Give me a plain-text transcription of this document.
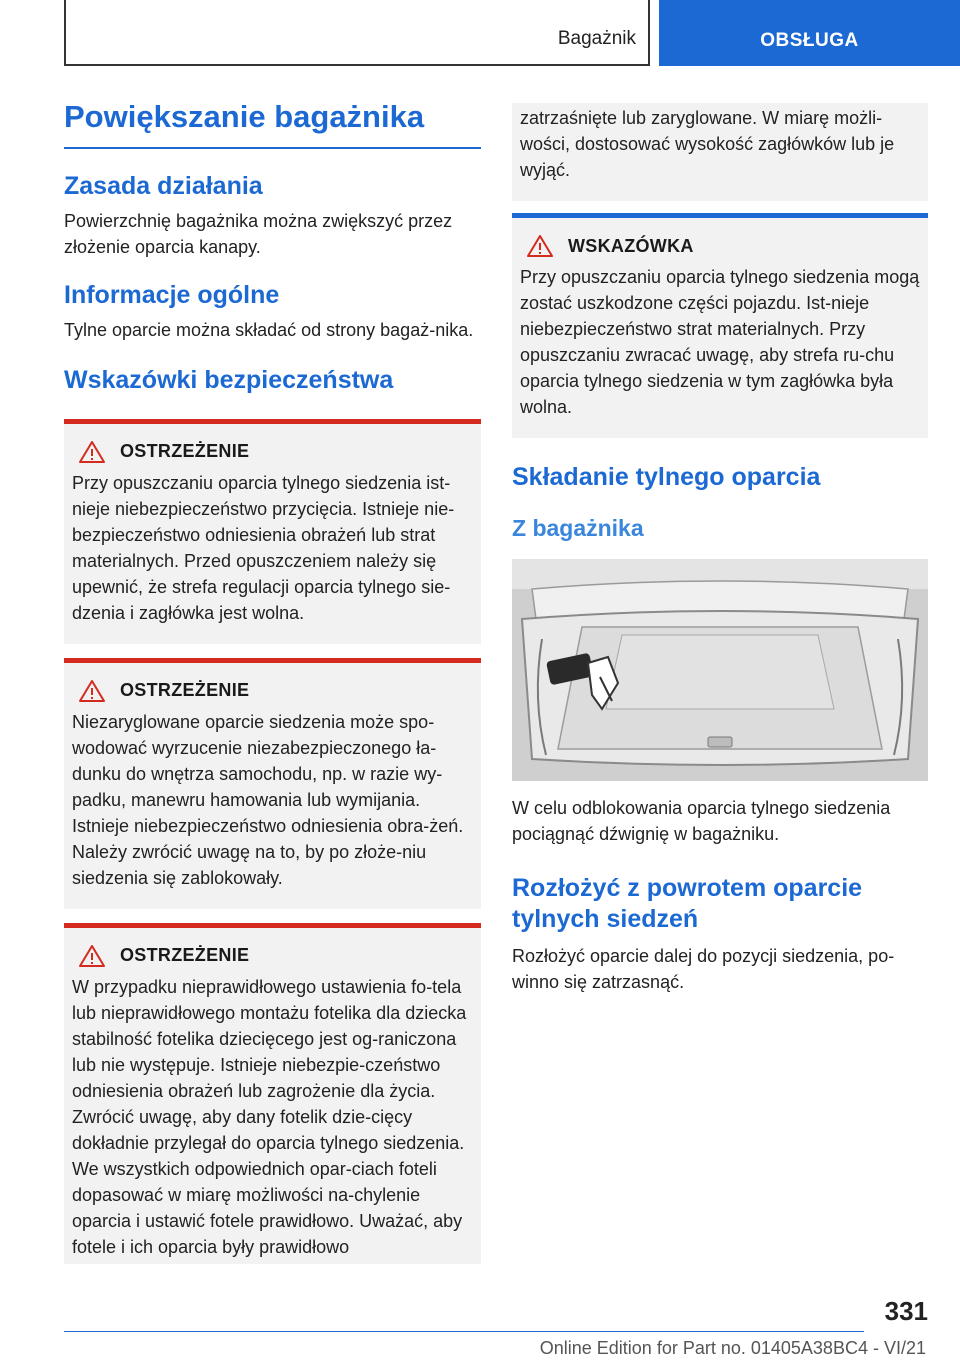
Bagażnik	OBSŁUGA
Powiększanie bagażnika
Zasada działania
Powierzchnię bagażnika można zwiększyć przez złożenie oparcia kanapy.
Informacje ogólne
Tylne oparcie można składać od strony bagaż-nika.
Wskazówki bezpieczeństwa
OSTRZEŻENIE
Przy opuszczaniu oparcia tylnego siedzenia ist-nieje niebezpieczeństwo przycięcia. Istnieje nie-bezpieczeństwo odniesienia obrażeń lub strat materialnych. Przed opuszczeniem należy się upewnić, że strefa regulacji oparcia tylnego sie-dzenia i zagłówka jest wolna.
OSTRZEŻENIE
Niezaryglowane oparcie siedzenia może spo-wodować wyrzucenie niezabezpieczonego ła-dunku do wnętrza samochodu, np. w razie wy-padku, manewru hamowania lub wymijania. Istnieje niebezpieczeństwo odniesienia obra-żeń. Należy zwrócić uwagę na to, by po złoże-niu siedzenia się zablokowały.
OSTRZEŻENIE
W przypadku nieprawidłowego ustawienia fo-tela lub nieprawidłowego montażu fotelika dla dziecka stabilność fotelika dziecięcego jest og-raniczona lub nie występuje. Istnieje niebezpie-czeństwo odniesienia obrażeń lub zagrożenie dla życia. Zwrócić uwagę, aby dany fotelik dzie-cięcy dokładnie przylegał do oparcia tylnego siedzenia. We wszystkich odpowiednich opar-ciach foteli dopasować w miarę możliwości na-chylenie oparcia i ustawić fotele prawidłowo. Uważać, aby fotele i ich oparcia były prawidłowo
zatrzaśnięte lub zaryglowane. W miarę możli-wości, dostosować wysokość zagłówków lub je wyjąć.
WSKAZÓWKA
Przy opuszczaniu oparcia tylnego siedzenia mogą zostać uszkodzone części pojazdu. Ist-nieje niebezpieczeństwo strat materialnych. Przy opuszczaniu zwracać uwagę, aby strefa ru-chu oparcia tylnego siedzenia w tym zagłówka była wolna.
Składanie tylnego oparcia
Z bagażnika
W celu odblokowania oparcia tylnego siedzenia pociągnąć dźwignię w bagażniku.
Rozłożyć z powrotem oparcie tylnych siedzeń
Rozłożyć oparcie dalej do pozycji siedzenia, po-winno się zatrzasnąć.
331
Online Edition for Part no. 01405A38BC4 - VI/21
